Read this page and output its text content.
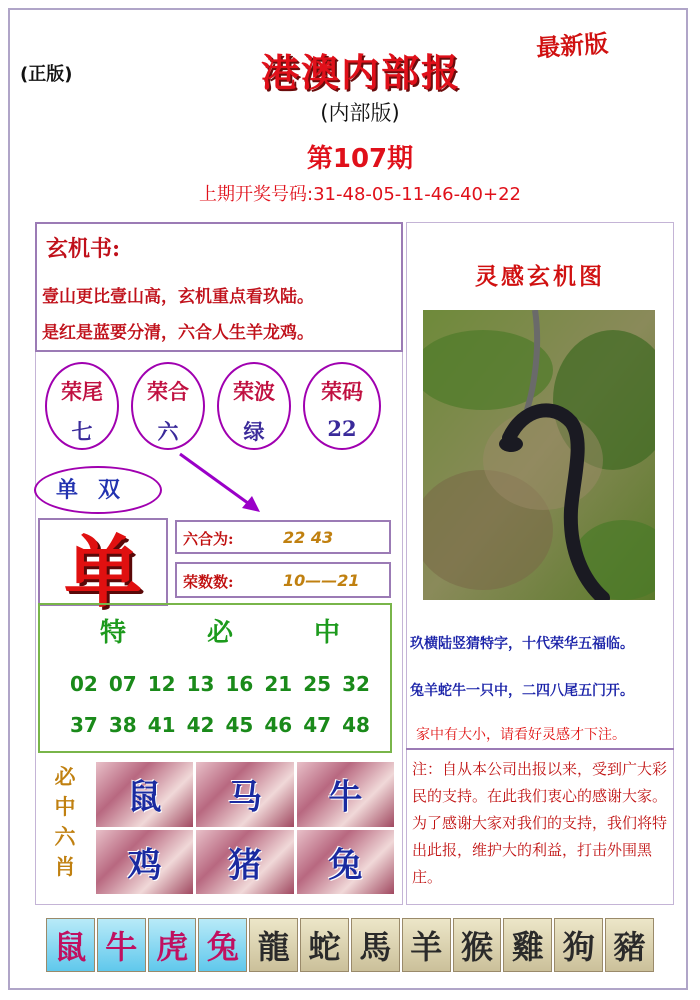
(正版)
最新版
港澳内部报
(内部版)
第107期
上期开奖号码:31-48-05-11-46-40+22
玄机书:
壹山更比壹山高，玄机重点看玖陆。
是红是蓝要分清，六合人生羊龙鸡。
荣尾
七
荣合
六
荣波
绿
荣码
22
单双
单	六合为:	22 43
荣数数:	10——21
特	必	中
02 07 12 13 16 21 25 32
37 38 41 42 45 46 47 48
必
中
六
肖
鼠	马	牛
鸡	猪	兔
灵感玄机图
玖横陆竖猜特字，十代荣华五福临。
兔羊蛇牛一只中，二四八尾五门开。
家中有大小，请看好灵感才下注。
注：自从本公司出报以来，受到广大彩民的支持。在此我们衷心的感谢大家。为了感谢大家对我们的支持，我们将特出此报，维护大的利益，打击外围黑庄。
鼠 牛 虎 兔 龍 蛇 馬 羊 猴 雞 狗 豬
